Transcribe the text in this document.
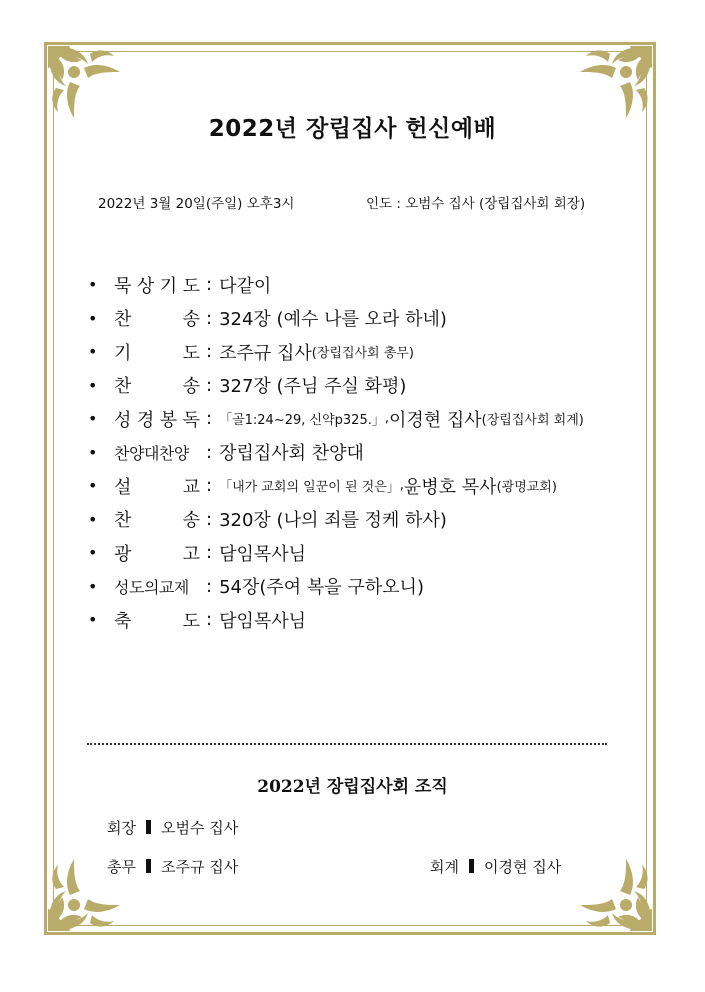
2022년 장립집사 헌신예배
2022년 3월 20일(주일) 오후3시	인도 : 오범수 집사 (장립집사회 회장)
• 묵 상 기 도 : 다같이
• 찬	송 : 324장 (예수 나를 오라 하네)
• 기	도 : 조주규 집사 (장립집사회 총무)
• 찬	송 : 327장 (주님 주실 화평)
• 성 경 봉 독 : 「골1:24~29, 신약p325.」 , 이경현 집사 (장립집사회 회계)
•	찬 양 대 찬 양 : 장립집사회 찬양대
• 설	교 : 「내가 교회의 일꾼이 된 것은」 , 윤병호 목사 (광명교회)
• 찬	송 : 320장 (나의 죄를 정케 하사)
• 광	고 : 담임목사님
•	성 도 의 교 제 : 54장(주여 복을 구하오니)
• 축	도 : 담임목사님
2022년 장립집사회 조직
회장 오범수 집사
총무 조주규 집사	회계 이경현 집사
